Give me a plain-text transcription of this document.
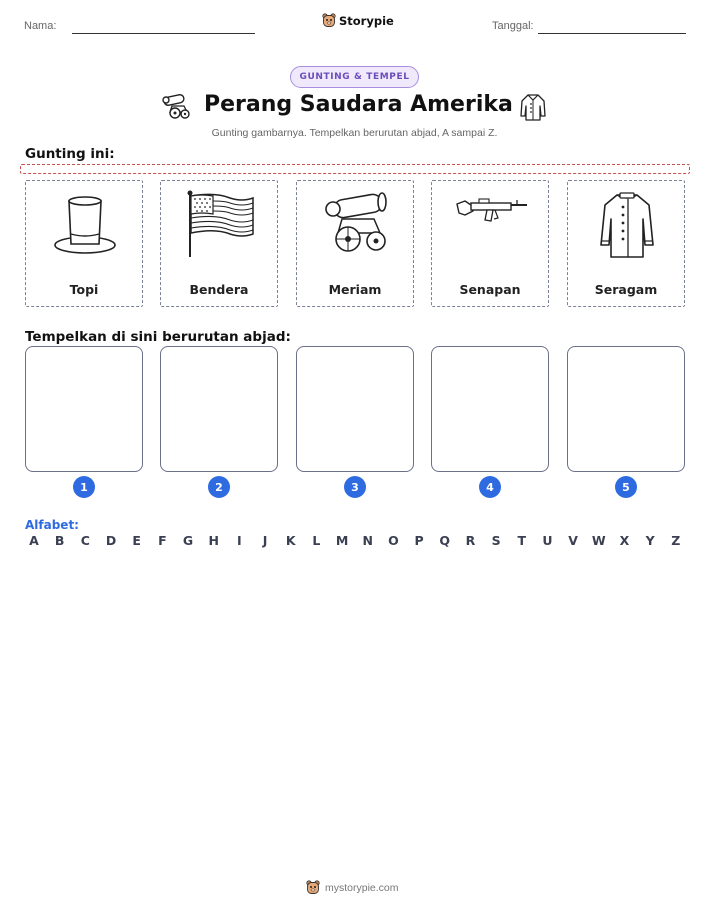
Nama:	Storypie	Tanggal:
GUNTING & TEMPEL
Perang Saudara Amerika
Gunting gambarnya. Tempelkan berurutan abjad, A sampai Z.
Gunting ini:
Topi	Bendera	Meriam	Senapan	Seragam
Tempelkan di sini berurutan abjad:
1	2	3	4	5
Alfabet:
A	B	C	D	E	F	G	H	I	J	K	L	M	N	O	P	Q	R	S	T	U	V	W	X	Y	Z
mystorypie.com
